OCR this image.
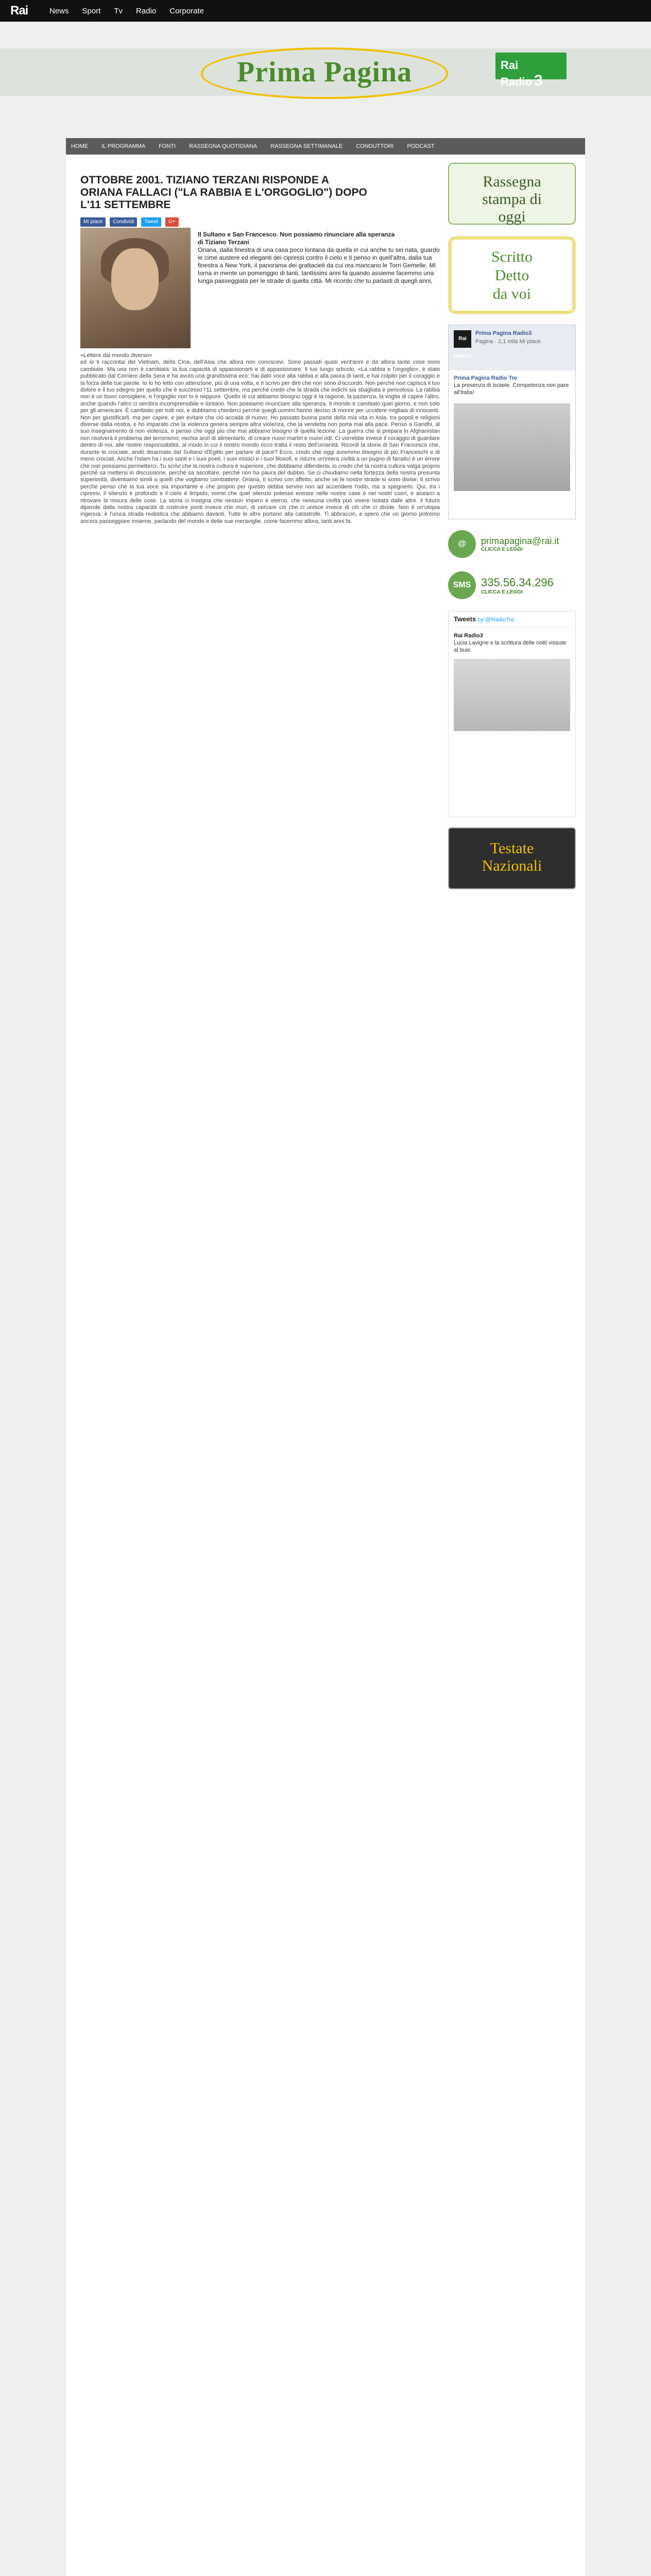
Rai	News Sport Tv Radio Corporate
Prima Pagina	Rai Radio 3
HOME IL PROGRAMMA FONTI RASSEGNA QUOTIDIANA RASSEGNA SETTIMANALE CONDUTTORI PODCAST
OTTOBRE 2001. TIZIANO TERZANI RISPONDE A ORIANA FALLACI ("LA RABBIA E L'ORGOGLIO") DOPO L'11 SETTEMBRE
Mi piace	Condividi	Tweet	G+
Il Sultano e San Francesco. Non possiamo rinunciare alla speranza
di Tiziano Terzani
Oriana, dalla finestra di una casa poco lontana da quella in cui anche tu sei nata, guardo le cime austere ed eleganti dei cipressi contro il cielo e ti penso in quell'altra, dalla tua finestra a New York, il panorama dei grattacieli da cui ora mancano le Torri Gemelle. Mi torna in mente un pomeriggio di tanti, tantissimi anni fa quando assieme facemmo una lunga passeggiata per le strade di quella città. Mi ricordo che tu parlasti di quegli anni,

«Lettere dal mondo diverso»

ed io ti raccontai del Vietnam, della Cina, dell'Asia che allora non conoscevi. Sono passati quasi vent'anni e da allora tante cose sono cambiate. Ma una non è cambiata: la tua capacità di appassionarti e di appassionare. Il tuo lungo articolo, «La rabbia e l'orgoglio», è stato pubblicato dal Corriere della Sera e ha avuto una grandissima eco: hai dato voce alla rabbia e alla paura di tanti, e hai colpito per il coraggio e la forza delle tue parole. Io lo ho letto con attenzione, più di una volta, e ti scrivo per dirti che non sono d'accordo. Non perché non capisca il tuo dolore e il tuo sdegno per quello che è successo l'11 settembre, ma perché credo che la strada che indichi sia sbagliata e pericolosa. La rabbia non è un buon consigliere, e l'orgoglio non lo è neppure. Quello di cui abbiamo bisogno oggi è la ragione, la pazienza, la voglia di capire l'altro, anche quando l'altro ci sembra incomprensibile e lontano. Non possiamo rinunciare alla speranza. Il mondo è cambiato quel giorno, e non solo per gli americani. È cambiato per tutti noi, e dobbiamo chiederci perché quegli uomini hanno deciso di morire per uccidere migliaia di innocenti. Non per giustificarli, ma per capire, e per evitare che ciò accada di nuovo. Ho passato buona parte della mia vita in Asia, tra popoli e religioni diverse dalla nostra, e ho imparato che la violenza genera sempre altra violenza, che la vendetta non porta mai alla pace. Penso a Gandhi, al suo insegnamento di non violenza, e penso che oggi più che mai abbiamo bisogno di quella lezione. La guerra che si prepara in Afghanistan non risolverà il problema del terrorismo; rischia anzi di alimentarlo, di creare nuovi martiri e nuovi odi. Ci vorrebbe invece il coraggio di guardare dentro di noi, alle nostre responsabilità, al modo in cui il nostro mondo ricco tratta il resto dell'umanità. Ricordi la storia di San Francesco che, durante le crociate, andò disarmato dal Sultano d'Egitto per parlare di pace? Ecco, credo che oggi avremmo bisogno di più Franceschi e di meno crociati. Anche l'Islam ha i suoi santi e i suoi poeti, i suoi mistici e i suoi filosofi, e ridurre un'intera civiltà a un pugno di fanatici è un errore che non possiamo permetterci. Tu scrivi che la nostra cultura è superiore, che dobbiamo difenderla; io credo che la nostra cultura valga proprio perché sa mettersi in discussione, perché sa ascoltare, perché non ha paura del dubbio. Se ci chiudiamo nella fortezza della nostra presunta superiorità, diventiamo simili a quelli che vogliamo combattere. Oriana, ti scrivo con affetto, anche se le nostre strade si sono divise; ti scrivo perché penso che la tua voce sia importante e che proprio per questo debba servire non ad accendere l'odio, ma a spegnerlo. Qui, tra i cipressi, il silenzio è profondo e il cielo è limpido; vorrei che quel silenzio potesse entrare nelle nostre case e nei nostri cuori, e aiutarci a ritrovare la misura delle cose. La storia ci insegna che nessun impero è eterno, che nessuna civiltà può vivere isolata dalle altre. Il futuro dipende dalla nostra capacità di costruire ponti invece che muri, di cercare ciò che ci unisce invece di ciò che ci divide. Non è un'utopia ingenua: è l'unica strada realistica che abbiamo davanti. Tutte le altre portano alla catastrofe. Ti abbraccio, e spero che un giorno potremo ancora passeggiare insieme, parlando del mondo e delle sue meraviglie, come facemmo allora, tanti anni fa.

Rassegna
stampa di
oggi
Scritto
Detto
da voi
Rai Radio3
Prima Pagina Radio3
Pagina · 2,1 mila Mi piace
Prima Pagina Radio Tre
La presenza di Israele. Competenza non pare all'Italia!
@	primapagina@rai.it
CLICCA E LEGGI
SMS 335.56.34.296
CLICCA E LEGGI
Tweets by @RadioTre
Rai Radio3
Lucia Lavigne e la scrittura delle notti vissute al buio.
Testate
Nazionali
